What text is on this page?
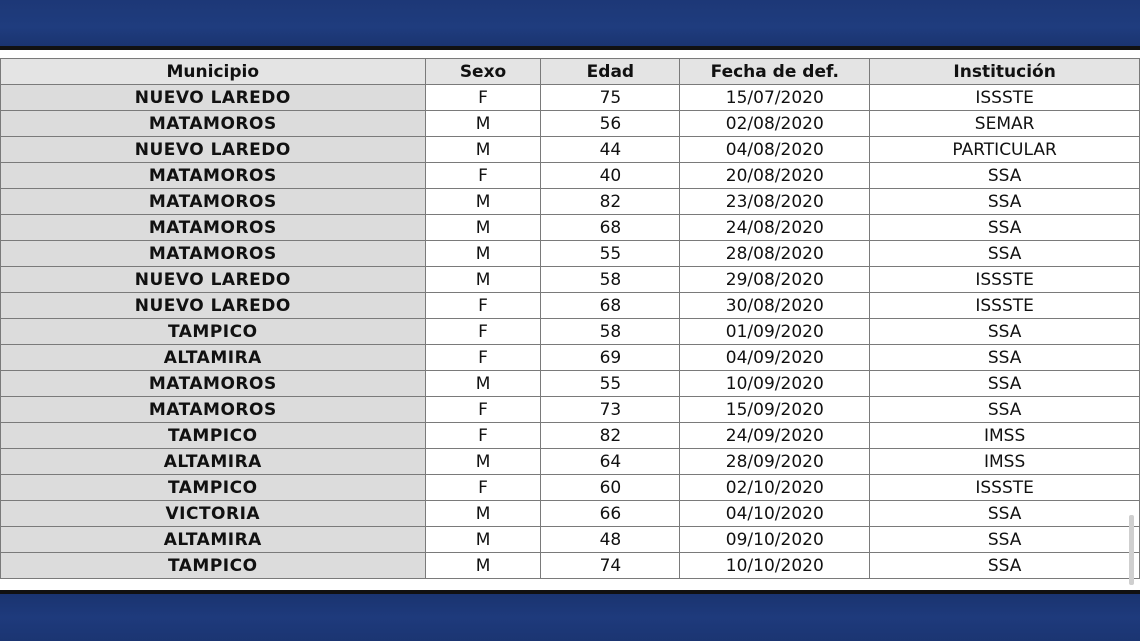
Municipio	Sexo	Edad	Fecha de def.	Institución
NUEVO LAREDO	F	75	15/07/2020	ISSSTE
MATAMOROS	M	56	02/08/2020	SEMAR
NUEVO LAREDO	M	44	04/08/2020	PARTICULAR
MATAMOROS	F	40	20/08/2020	SSA
MATAMOROS	M	82	23/08/2020	SSA
MATAMOROS	M	68	24/08/2020	SSA
MATAMOROS	M	55	28/08/2020	SSA
NUEVO LAREDO	M	58	29/08/2020	ISSSTE
NUEVO LAREDO	F	68	30/08/2020	ISSSTE
TAMPICO	F	58	01/09/2020	SSA
ALTAMIRA	F	69	04/09/2020	SSA
MATAMOROS	M	55	10/09/2020	SSA
MATAMOROS	F	73	15/09/2020	SSA
TAMPICO	F	82	24/09/2020	IMSS
ALTAMIRA	M	64	28/09/2020	IMSS
TAMPICO	F	60	02/10/2020	ISSSTE
VICTORIA	M	66	04/10/2020	SSA
ALTAMIRA	M	48	09/10/2020	SSA
TAMPICO	M	74	10/10/2020	SSA
